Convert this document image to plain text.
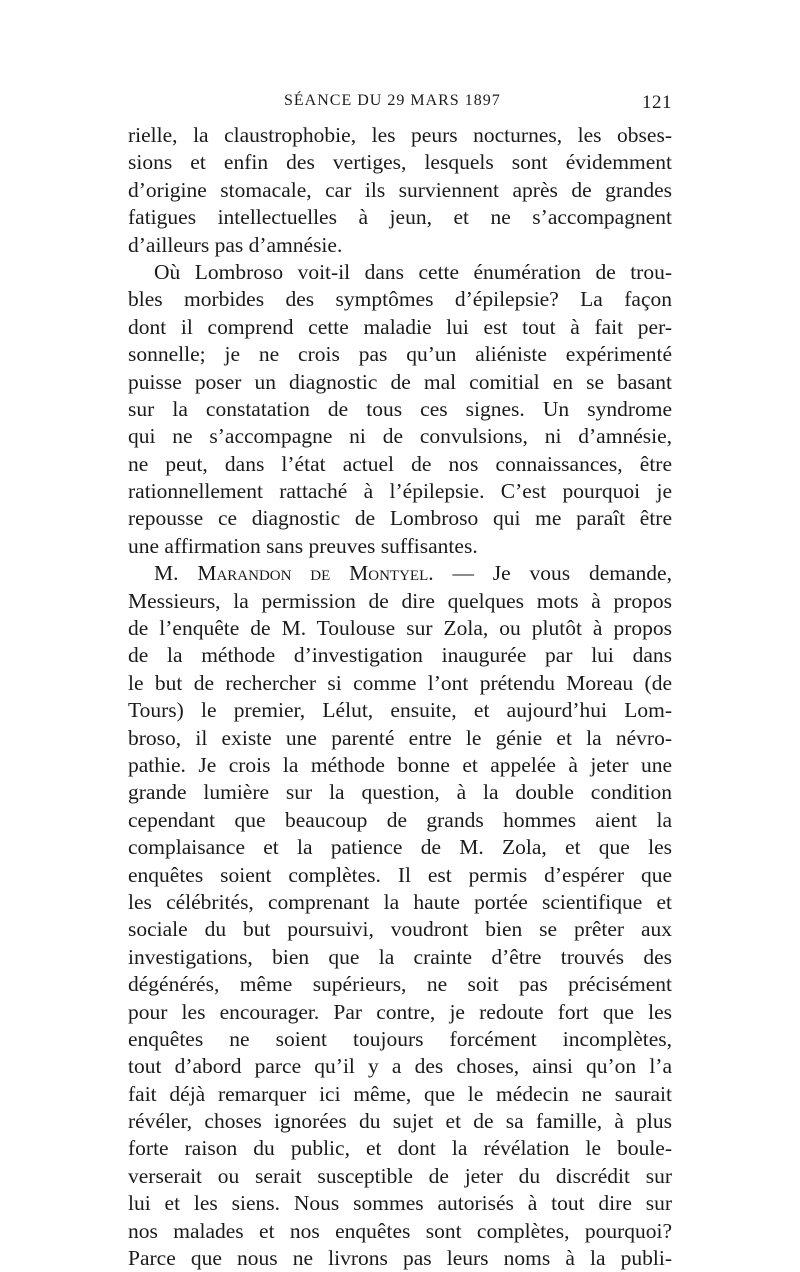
SÉANCE DU 29 MARS 1897	121
rielle, la claustrophobie, les peurs nocturnes, les obses-
sions et enfin des vertiges, lesquels sont évidemment
d’origine stomacale, car ils surviennent après de grandes
fatigues intellectuelles à jeun, et ne s’accompagnent
d’ailleurs pas d’amnésie.
Où Lombroso voit-il dans cette énumération de trou-
bles morbides des symptômes d’épilepsie? La façon
dont il comprend cette maladie lui est tout à fait per-
sonnelle; je ne crois pas qu’un aliéniste expérimenté
puisse poser un diagnostic de mal comitial en se basant
sur la constatation de tous ces signes. Un syndrome
qui ne s’accompagne ni de convulsions, ni d’amnésie,
ne peut, dans l’état actuel de nos connaissances, être
rationnellement rattaché à l’épilepsie. C’est pourquoi je
repousse ce diagnostic de Lombroso qui me paraît être
une affirmation sans preuves suffisantes.
M. Marandon de Montyel. — Je vous demande,
Messieurs, la permission de dire quelques mots à propos
de l’enquête de M. Toulouse sur Zola, ou plutôt à propos
de la méthode d’investigation inaugurée par lui dans
le but de rechercher si comme l’ont prétendu Moreau (de
Tours) le premier, Lélut, ensuite, et aujourd’hui Lom-
broso, il existe une parenté entre le génie et la névro-
pathie. Je crois la méthode bonne et appelée à jeter une
grande lumière sur la question, à la double condition
cependant que beaucoup de grands hommes aient la
complaisance et la patience de M. Zola, et que les
enquêtes soient complètes. Il est permis d’espérer que
les célébrités, comprenant la haute portée scientifique et
sociale du but poursuivi, voudront bien se prêter aux
investigations, bien que la crainte d’être trouvés des
dégénérés, même supérieurs, ne soit pas précisément
pour les encourager. Par contre, je redoute fort que les
enquêtes ne soient toujours forcément incomplètes,
tout d’abord parce qu’il y a des choses, ainsi qu’on l’a
fait déjà remarquer ici même, que le médecin ne saurait
révéler, choses ignorées du sujet et de sa famille, à plus
forte raison du public, et dont la révélation le boule-
verserait ou serait susceptible de jeter du discrédit sur
lui et les siens. Nous sommes autorisés à tout dire sur
nos malades et nos enquêtes sont complètes, pourquoi?
Parce que nous ne livrons pas leurs noms à la publi-
